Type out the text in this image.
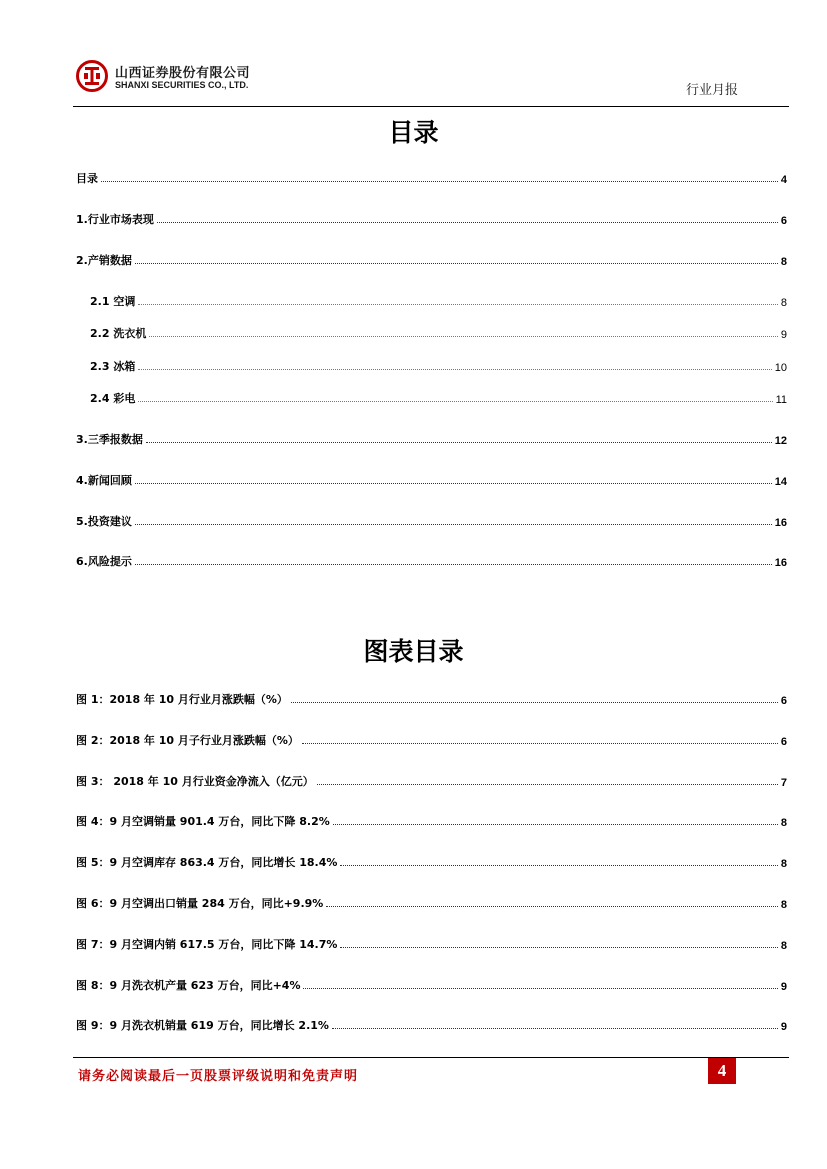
山西证券股份有限公司
SHANXI SECURITIES CO., LTD.	行业月报
目录
目录	4
1.行业市场表现	6
2.产销数据	8
2.1 空调	8
2.2 洗衣机	9
2.3 冰箱	10
2.4 彩电	11
3.三季报数据	12
4.新闻回顾	14
5.投资建议	16
6.风险提示	16
图表目录
图 1：2018 年 10 月行业月涨跌幅（%）	6
图 2：2018 年 10 月子行业月涨跌幅（%）	6
图 3： 2018 年 10 月行业资金净流入（亿元）	7
图 4：9 月空调销量 901.4 万台，同比下降 8.2%	8
图 5：9 月空调库存 863.4 万台，同比增长 18.4%	8
图 6：9 月空调出口销量 284 万台，同比+9.9%	8
图 7：9 月空调内销 617.5 万台，同比下降 14.7%	8
图 8：9 月洗衣机产量 623 万台，同比+4%	9
图 9：9 月洗衣机销量 619 万台，同比增长 2.1%	9
请务必阅读最后一页股票评级说明和免责声明	4
